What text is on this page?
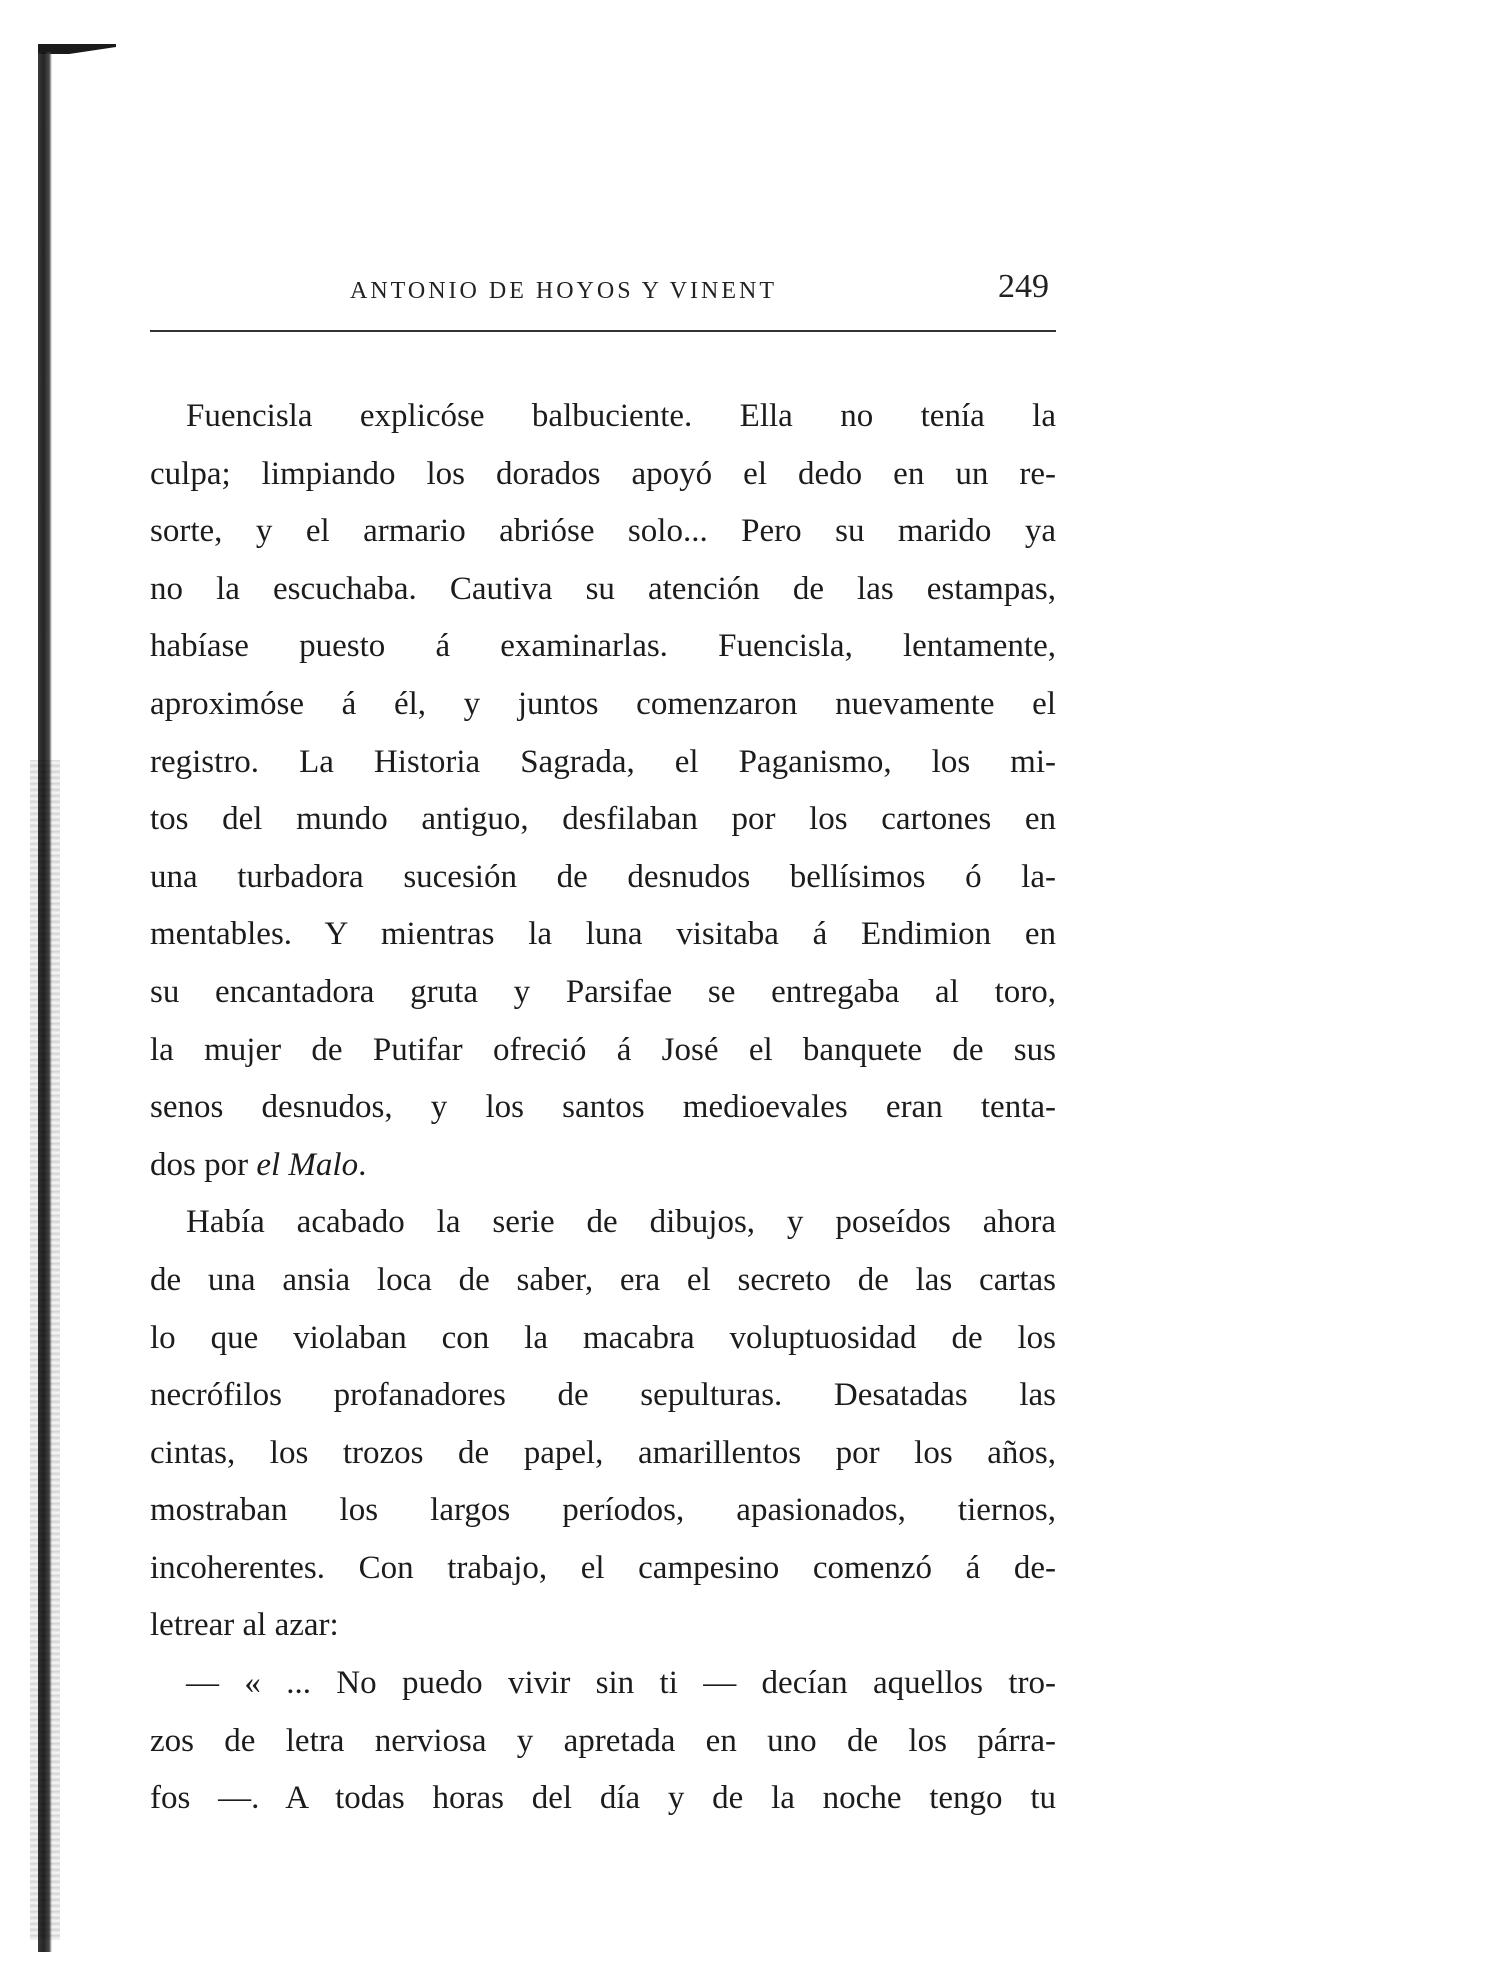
ANTONIO DE HOYOS Y VINENT	249
Fuencisla explicóse balbuciente. Ella no tenía la
culpa; limpiando los dorados apoyó el dedo en un re-
sorte, y el armario abrióse solo... Pero su marido ya
no la escuchaba. Cautiva su atención de las estampas,
habíase puesto á examinarlas. Fuencisla, lentamente,
aproximóse á él, y juntos comenzaron nuevamente el
registro. La Historia Sagrada, el Paganismo, los mi-
tos del mundo antiguo, desfilaban por los cartones en
una turbadora sucesión de desnudos bellísimos ó la-
mentables. Y mientras la luna visitaba á Endimion en
su encantadora gruta y Parsifae se entregaba al toro,
la mujer de Putifar ofreció á José el banquete de sus
senos desnudos, y los santos medioevales eran tenta-
dos por el Malo.
Había acabado la serie de dibujos, y poseídos ahora
de una ansia loca de saber, era el secreto de las cartas
lo que violaban con la macabra voluptuosidad de los
necrófilos profanadores de sepulturas. Desatadas las
cintas, los trozos de papel, amarillentos por los años,
mostraban los largos períodos, apasionados, tiernos,
incoherentes. Con trabajo, el campesino comenzó á de-
letrear al azar:
— « ... No puedo vivir sin ti — decían aquellos tro-
zos de letra nerviosa y apretada en uno de los párra-
fos —. A todas horas del día y de la noche tengo tu
